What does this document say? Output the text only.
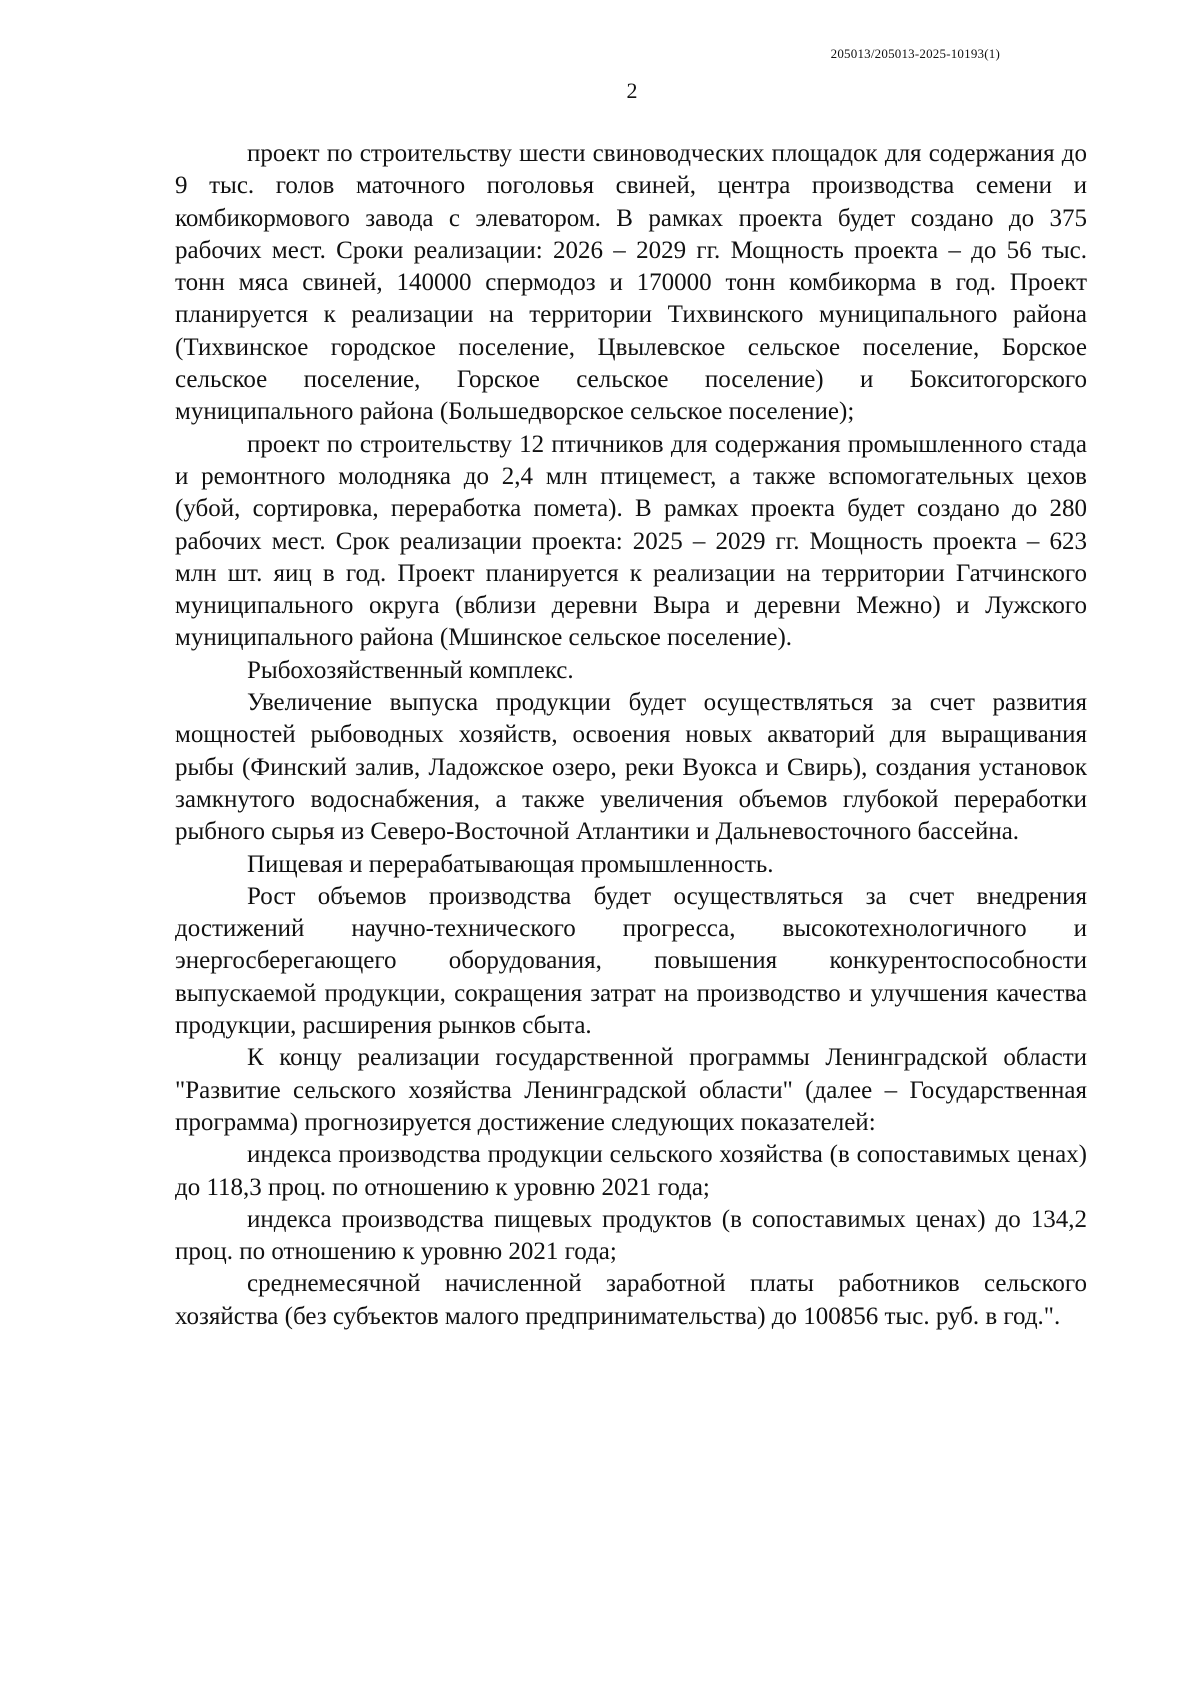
205013/205013-2025-10193(1)
2

проект по строительству шести свиноводческих площадок для содержания до 9 тыс. голов маточного поголовья свиней, центра производства семени и комбикормового завода с элеватором. В рамках проекта будет создано до 375 рабочих мест. Сроки реализации: 2026 – 2029 гг. Мощность проекта – до 56 тыс. тонн мяса свиней, 140000 спермодоз и 170000 тонн комбикорма в год. Проект планируется к реализации на территории Тихвинского муниципального района (Тихвинское городское поселение, Цвылевское сельское поселение, Борское сельское поселение, Горское сельское поселение) и Бокситогорского муниципального района (Большедворское сельское поселение);

проект по строительству 12 птичников для содержания промышленного стада и ремонтного молодняка до 2,4 млн птицемест, а также вспомогательных цехов (убой, сортировка, переработка помета). В рамках проекта будет создано до 280 рабочих мест. Срок реализации проекта: 2025 – 2029 гг. Мощность проекта – 623 млн шт. яиц в год. Проект планируется к реализации на территории Гатчинского муниципального округа (вблизи деревни Выра и деревни Межно) и Лужского муниципального района (Мшинское сельское поселение).

Рыбохозяйственный комплекс.

Увеличение выпуска продукции будет осуществляться за счет развития мощностей рыбоводных хозяйств, освоения новых акваторий для выращивания рыбы (Финский залив, Ладожское озеро, реки Вуокса и Свирь), создания установок замкнутого водоснабжения, а также увеличения объемов глубокой переработки рыбного сырья из Северо-Восточной Атлантики и Дальневосточного бассейна.

Пищевая и перерабатывающая промышленность.

Рост объемов производства будет осуществляться за счет внедрения достижений научно-технического прогресса, высокотехнологичного и энергосберегающего оборудования, повышения конкурентоспособности выпускаемой продукции, сокращения затрат на производство и улучшения качества продукции, расширения рынков сбыта.

К концу реализации государственной программы Ленинградской области "Развитие сельского хозяйства Ленинградской области" (далее – Государственная программа) прогнозируется достижение следующих показателей:

индекса производства продукции сельского хозяйства (в сопоставимых ценах) до 118,3 проц. по отношению к уровню 2021 года;

индекса производства пищевых продуктов (в сопоставимых ценах) до 134,2 проц. по отношению к уровню 2021 года;

среднемесячной начисленной заработной платы работников сельского хозяйства (без субъектов малого предпринимательства) до 100856 тыс. руб. в год.".
